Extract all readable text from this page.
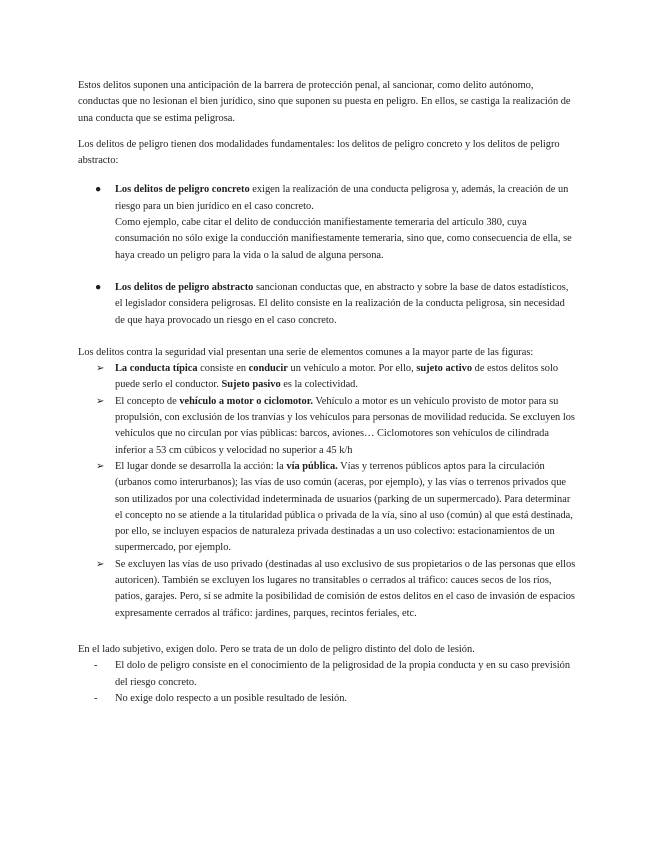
Estos delitos suponen una anticipación de la barrera de protección penal, al sancionar, como delito autónomo, conductas que no lesionan el bien jurídico, sino que suponen su puesta en peligro. En ellos, se castiga la realización de una conducta que se estima peligrosa.

Los delitos de peligro tienen dos modalidades fundamentales: los delitos de peligro concreto y los delitos de peligro abstracto:

● Los delitos de peligro concreto exigen la realización de una conducta peligrosa y, además, la creación de un riesgo para un bien jurídico en el caso concreto.
Como ejemplo, cabe citar el delito de conducción manifiestamente temeraria del artículo 380, cuya consumación no sólo exige la conducción manifiestamente temeraria, sino que, como consecuencia de ella, se haya creado un peligro para la vida o la salud de alguna persona.
● Los delitos de peligro abstracto sancionan conductas que, en abstracto y sobre la base de datos estadísticos, el legislador considera peligrosas. El delito consiste en la realización de la conducta peligrosa, sin necesidad de que haya provocado un riesgo en el caso concreto.

Los delitos contra la seguridad vial presentan una serie de elementos comunes a la mayor parte de las figuras:

➢ La conducta típica consiste en conducir un vehículo a motor. Por ello, sujeto activo de estos delitos solo puede serlo el conductor. Sujeto pasivo es la colectividad.
➢ El concepto de vehículo a motor o ciclomotor. Vehículo a motor es un vehículo provisto de motor para su propulsión, con exclusión de los tranvías y los vehículos para personas de movilidad reducida. Se excluyen los vehículos que no circulan por vías públicas: barcos, aviones… Ciclomotores son vehículos de cilindrada inferior a 53 cm cúbicos y velocidad no superior a 45 k/h
➢ El lugar donde se desarrolla la acción: la vía pública. Vías y terrenos públicos aptos para la circulación (urbanos como interurbanos); las vías de uso común (aceras, por ejemplo), y las vías o terrenos privados que son utilizados por una colectividad indeterminada de usuarios (parking de un supermercado). Para determinar el concepto no se atiende a la titularidad pública o privada de la vía, sino al uso (común) al que está destinada, por ello, se incluyen espacios de naturaleza privada destinadas a un uso colectivo: estacionamientos de un supermercado, por ejemplo.
➢ Se excluyen las vías de uso privado (destinadas al uso exclusivo de sus propietarios o de las personas que ellos autoricen). También se excluyen los lugares no transitables o cerrados al tráfico: cauces secos de los ríos, patios, garajes. Pero, sí se admite la posibilidad de comisión de estos delitos en el caso de invasión de espacios expresamente cerrados al tráfico: jardines, parques, recintos feriales, etc.

En el lado subjetivo, exigen dolo. Pero se trata de un dolo de peligro distinto del dolo de lesión.

- El dolo de peligro consiste en el conocimiento de la peligrosidad de la propia conducta y en su caso previsión del riesgo concreto.
- No exige dolo respecto a un posible resultado de lesión.
